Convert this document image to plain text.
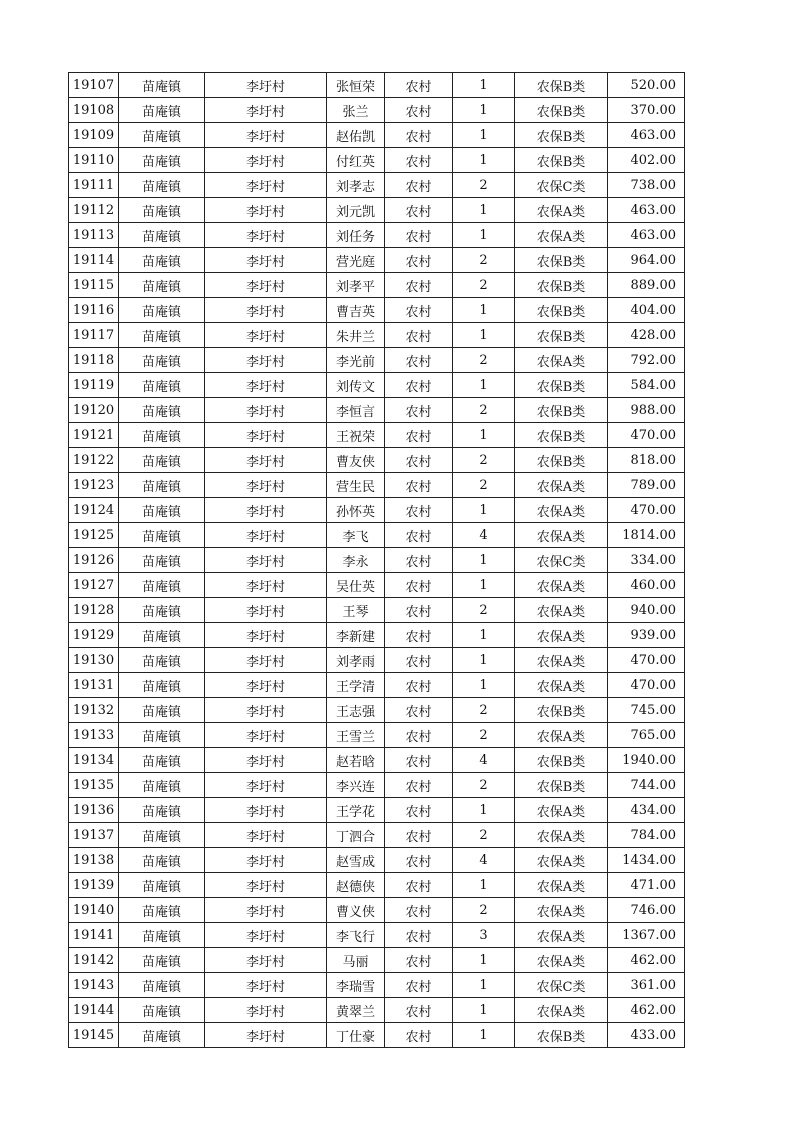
19107	苗庵镇	李圩村	张恒荣	农村	1	农保B类	520.00
19108	苗庵镇	李圩村	张兰	农村	1	农保B类	370.00
19109	苗庵镇	李圩村	赵佑凯	农村	1	农保B类	463.00
19110	苗庵镇	李圩村	付红英	农村	1	农保B类	402.00
19111	苗庵镇	李圩村	刘孝志	农村	2	农保C类	738.00
19112	苗庵镇	李圩村	刘元凯	农村	1	农保A类	463.00
19113	苗庵镇	李圩村	刘任务	农村	1	农保A类	463.00
19114	苗庵镇	李圩村	营光庭	农村	2	农保B类	964.00
19115	苗庵镇	李圩村	刘孝平	农村	2	农保B类	889.00
19116	苗庵镇	李圩村	曹吉英	农村	1	农保B类	404.00
19117	苗庵镇	李圩村	朱井兰	农村	1	农保B类	428.00
19118	苗庵镇	李圩村	李光前	农村	2	农保A类	792.00
19119	苗庵镇	李圩村	刘传文	农村	1	农保B类	584.00
19120	苗庵镇	李圩村	李恒言	农村	2	农保B类	988.00
19121	苗庵镇	李圩村	王祝荣	农村	1	农保B类	470.00
19122	苗庵镇	李圩村	曹友侠	农村	2	农保B类	818.00
19123	苗庵镇	李圩村	营生民	农村	2	农保A类	789.00
19124	苗庵镇	李圩村	孙怀英	农村	1	农保A类	470.00
19125	苗庵镇	李圩村	李飞	农村	4	农保A类	1814.00
19126	苗庵镇	李圩村	李永	农村	1	农保C类	334.00
19127	苗庵镇	李圩村	吴仕英	农村	1	农保A类	460.00
19128	苗庵镇	李圩村	王琴	农村	2	农保A类	940.00
19129	苗庵镇	李圩村	李新建	农村	1	农保A类	939.00
19130	苗庵镇	李圩村	刘孝雨	农村	1	农保A类	470.00
19131	苗庵镇	李圩村	王学清	农村	1	农保A类	470.00
19132	苗庵镇	李圩村	王志强	农村	2	农保B类	745.00
19133	苗庵镇	李圩村	王雪兰	农村	2	农保A类	765.00
19134	苗庵镇	李圩村	赵若晗	农村	4	农保B类	1940.00
19135	苗庵镇	李圩村	李兴连	农村	2	农保B类	744.00
19136	苗庵镇	李圩村	王学花	农村	1	农保A类	434.00
19137	苗庵镇	李圩村	丁泗合	农村	2	农保A类	784.00
19138	苗庵镇	李圩村	赵雪成	农村	4	农保A类	1434.00
19139	苗庵镇	李圩村	赵德侠	农村	1	农保A类	471.00
19140	苗庵镇	李圩村	曹义侠	农村	2	农保A类	746.00
19141	苗庵镇	李圩村	李飞行	农村	3	农保A类	1367.00
19142	苗庵镇	李圩村	马丽	农村	1	农保A类	462.00
19143	苗庵镇	李圩村	李瑞雪	农村	1	农保C类	361.00
19144	苗庵镇	李圩村	黄翠兰	农村	1	农保A类	462.00
19145	苗庵镇	李圩村	丁仕豪	农村	1	农保B类	433.00
